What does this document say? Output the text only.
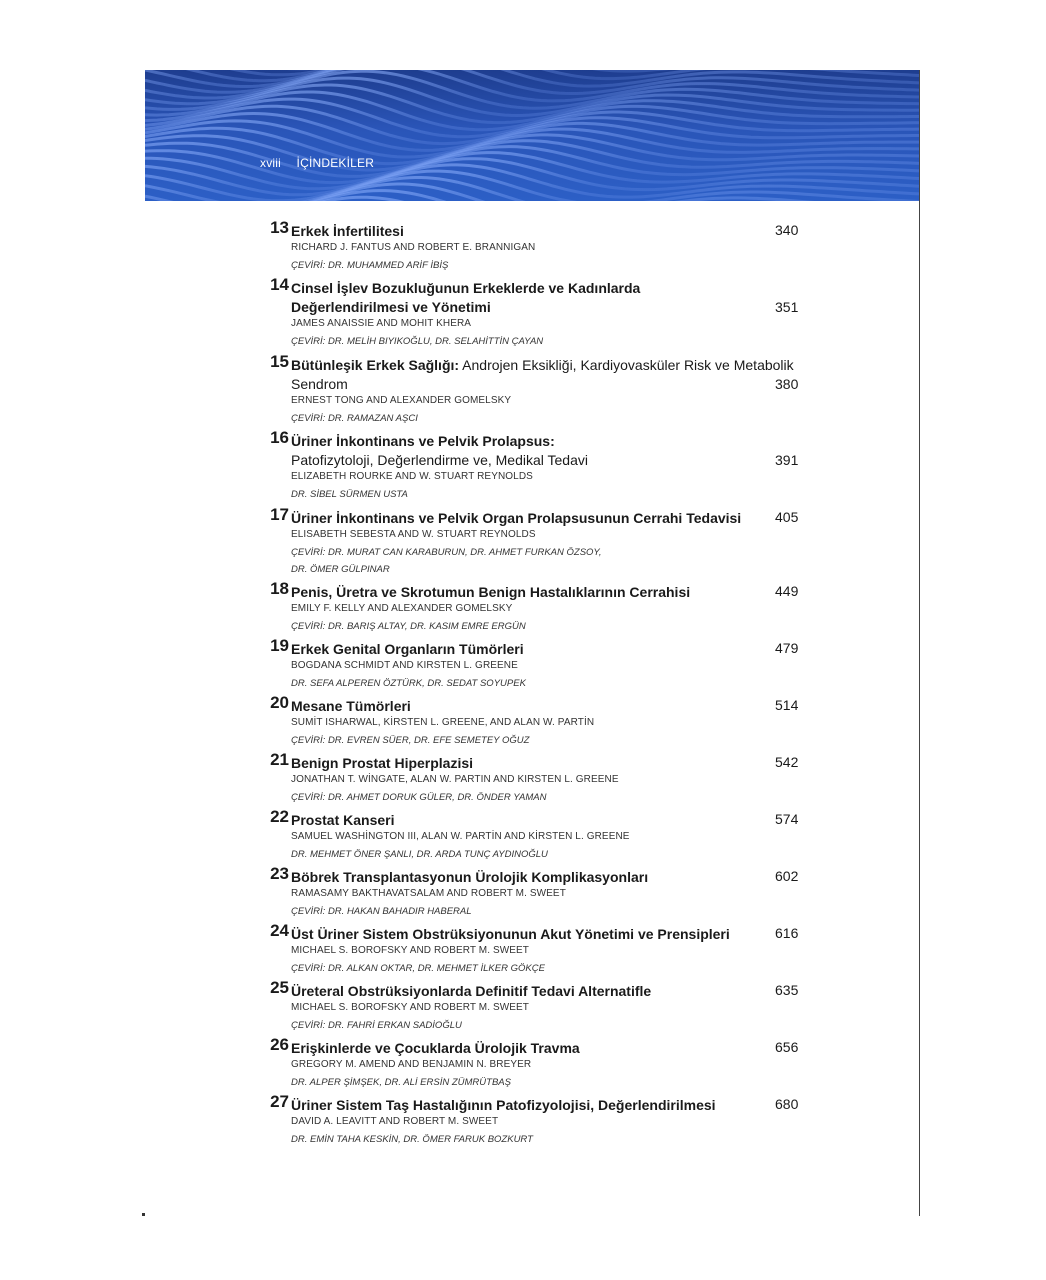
xviii İÇİNDEKİLER
13 Erkek İnfertilitesi	340
RICHARD J. FANTUS AND ROBERT E. BRANNIGAN
ÇEVİRİ: DR. MUHAMMED ARİF İBİŞ
14 Cinsel İşlev Bozukluğunun Erkeklerde ve Kadınlarda
Değerlendirilmesi ve Yönetimi	351
JAMES ANAISSIE AND MOHIT KHERA
ÇEVİRİ: DR. MELİH BIYIKOĞLU, DR. SELAHİTTİN ÇAYAN
15 Bütünleşik Erkek Sağlığı: Androjen Eksikliği, Kardiyovasküler Risk ve Metabolik
Sendrom	380
ERNEST TONG AND ALEXANDER GOMELSKY
ÇEVİRİ: DR. RAMAZAN AŞCI
16 Üriner İnkontinans ve Pelvik Prolapsus:
Patofizytoloji, Değerlendirme ve, Medikal Tedavi	391
ELIZABETH ROURKE AND W. STUART REYNOLDS
DR. SİBEL SÜRMEN USTA
17 Üriner İnkontinans ve Pelvik Organ Prolapsusunun Cerrahi Tedavisi	405
ELISABETH SEBESTA AND W. STUART REYNOLDS
ÇEVİRİ: DR. MURAT CAN KARABURUN, DR. AHMET FURKAN ÖZSOY,
DR. ÖMER GÜLPINAR
18 Penis, Üretra ve Skrotumun Benign Hastalıklarının Cerrahisi	449
EMILY F. KELLY AND ALEXANDER GOMELSKY
ÇEVİRİ: DR. BARIŞ ALTAY, DR. KASIM EMRE ERGÜN
19 Erkek Genital Organların Tümörleri	479
BOGDANA SCHMIDT AND KIRSTEN L. GREENE
DR. SEFA ALPEREN ÖZTÜRK, DR. SEDAT SOYUPEK
20 Mesane Tümörleri	514
SUMİT ISHARWAL, KİRSTEN L. GREENE, AND ALAN W. PARTİN
ÇEVİRİ: DR. EVREN SÜER, DR. EFE SEMETEY OĞUZ
21 Benign Prostat Hiperplazisi	542
JONATHAN T. WİNGATE, ALAN W. PARTIN AND KIRSTEN L. GREENE
ÇEVİRİ: DR. AHMET DORUK GÜLER, DR. ÖNDER YAMAN
22 Prostat Kanseri	574
SAMUEL WASHİNGTON III, ALAN W. PARTİN AND KİRSTEN L. GREENE
DR. MEHMET ÖNER ŞANLI, DR. ARDA TUNÇ AYDINOĞLU
23 Böbrek Transplantasyonun Ürolojik Komplikasyonları	602
RAMASAMY BAKTHAVATSALAM AND ROBERT M. SWEET
ÇEVİRİ: DR. HAKAN BAHADIR HABERAL
24 Üst Üriner Sistem Obstrüksiyonunun Akut Yönetimi ve Prensipleri	616
MICHAEL S. BOROFSKY AND ROBERT M. SWEET
ÇEVİRİ: DR. ALKAN OKTAR, DR. MEHMET İLKER GÖKÇE
25 Üreteral Obstrüksiyonlarda Definitif Tedavi Alternatifle	635
MICHAEL S. BOROFSKY AND ROBERT M. SWEET
ÇEVİRİ: DR. FAHRİ ERKAN SADİOĞLU
26 Erişkinlerde ve Çocuklarda Ürolojik Travma	656
GREGORY M. AMEND AND BENJAMIN N. BREYER
DR. ALPER ŞİMŞEK, DR. ALİ ERSİN ZÜMRÜTBAŞ
27 Üriner Sistem Taş Hastalığının Patofizyolojisi, Değerlendirilmesi	680
DAVID A. LEAVITT AND ROBERT M. SWEET
DR. EMİN TAHA KESKİN, DR. ÖMER FARUK BOZKURT
